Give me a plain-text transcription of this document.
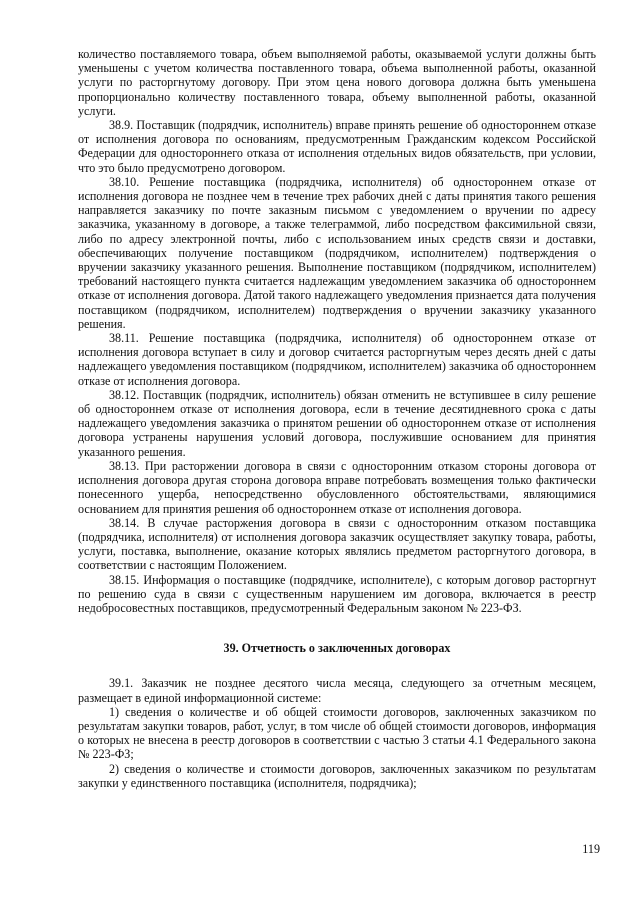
количество поставляемого товара, объем выполняемой работы, оказываемой услуги должны быть уменьшены с учетом количества поставленного товара, объема выполненной работы, оказанной услуги по расторгнутому договору. При этом цена нового договора должна быть уменьшена пропорционально количеству поставленного товара, объему выполненной работы, оказанной услуги.

38.9. Поставщик (подрядчик, исполнитель) вправе принять решение об одностороннем отказе от исполнения договора по основаниям, предусмотренным Гражданским кодексом Российской Федерации для одностороннего отказа от исполнения отдельных видов обязательств, при условии, что это было предусмотрено договором.

38.10. Решение поставщика (подрядчика, исполнителя) об одностороннем отказе от исполнения договора не позднее чем в течение трех рабочих дней с даты принятия такого решения направляется заказчику по почте заказным письмом с уведомлением о вручении по адресу заказчика, указанному в договоре, а также телеграммой, либо посредством факсимильной связи, либо по адресу электронной почты, либо с использованием иных средств связи и доставки, обеспечивающих получение поставщиком (подрядчиком, исполнителем) подтверждения о вручении заказчику указанного решения. Выполнение поставщиком (подрядчиком, исполнителем) требований настоящего пункта считается надлежащим уведомлением заказчика об одностороннем отказе от исполнения договора. Датой такого надлежащего уведомления признается дата получения поставщиком (подрядчиком, исполнителем) подтверждения о вручении заказчику указанного решения.

38.11. Решение поставщика (подрядчика, исполнителя) об одностороннем отказе от исполнения договора вступает в силу и договор считается расторгнутым через десять дней с даты надлежащего уведомления поставщиком (подрядчиком, исполнителем) заказчика об одностороннем отказе от исполнения договора.

38.12. Поставщик (подрядчик, исполнитель) обязан отменить не вступившее в силу решение об одностороннем отказе от исполнения договора, если в течение десятидневного срока с даты надлежащего уведомления заказчика о принятом решении об одностороннем отказе от исполнения договора устранены нарушения условий договора, послужившие основанием для принятия указанного решения.

38.13. При расторжении договора в связи с односторонним отказом стороны договора от исполнения договора другая сторона договора вправе потребовать возмещения только фактически понесенного ущерба, непосредственно обусловленного обстоятельствами, являющимися основанием для принятия решения об одностороннем отказе от исполнения договора.

38.14. В случае расторжения договора в связи с односторонним отказом поставщика (подрядчика, исполнителя) от исполнения договора заказчик осуществляет закупку товара, работы, услуги, поставка, выполнение, оказание которых являлись предметом расторгнутого договора, в соответствии с настоящим Положением.

38.15. Информация о поставщике (подрядчике, исполнителе), с которым договор расторгнут по решению суда в связи с существенным нарушением им договора, включается в реестр недобросовестных поставщиков, предусмотренный Федеральным законом № 223-ФЗ.

39. Отчетность о заключенных договорах

39.1. Заказчик не позднее десятого числа месяца, следующего за отчетным месяцем, размещает в единой информационной системе:

1) сведения о количестве и об общей стоимости договоров, заключенных заказчиком по результатам закупки товаров, работ, услуг, в том числе об общей стоимости договоров, информация о которых не внесена в реестр договоров в соответствии с частью 3 статьи 4.1 Федерального закона № 223-ФЗ;

2) сведения о количестве и стоимости договоров, заключенных заказчиком по результатам закупки у единственного поставщика (исполнителя, подрядчика);

119
